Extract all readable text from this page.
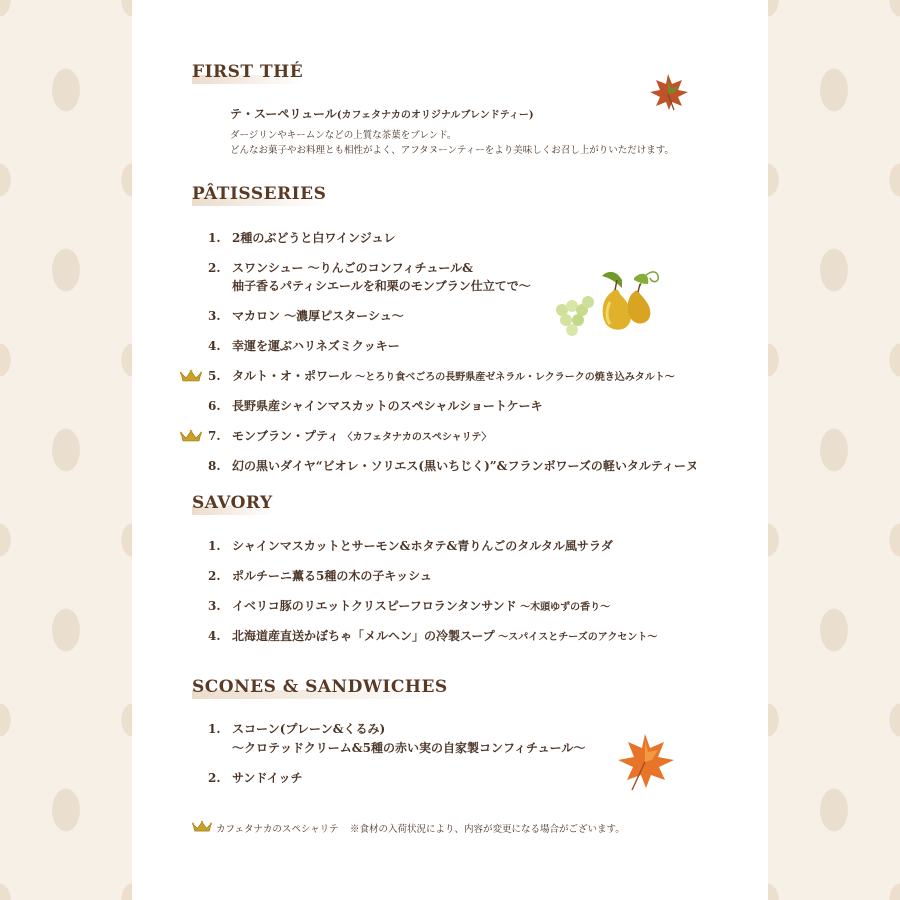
FIRST THÉ
テ・スーペリュール(カフェタナカのオリジナルブレンドティー)
ダージリンやキームンなどの上質な茶葉をブレンド。
どんなお菓子やお料理とも相性がよく、アフタヌーンティーをより美味しくお召し上がりいただけます。
PÂTISSERIES
1. 2種のぶどうと白ワインジュレ
2. スワンシュー ～りんごのコンフィチュール&
柚子香るパティシエールを和栗のモンブラン仕立てで～
3. マカロン ～濃厚ピスターシュ～
4. 幸運を運ぶハリネズミクッキー
5. タルト・オ・ポワール ～とろり食べごろの長野県産ゼネラル・レクラークの焼き込みタルト～
6. 長野県産シャインマスカットのスペシャルショートケーキ
7. モンブラン・プティ 〈カフェタナカのスペシャリテ〉
8. 幻の黒いダイヤ“ビオレ・ソリエス(黒いちじく)”&フランボワーズの軽いタルティーヌ
SAVORY
1. シャインマスカットとサーモン&ホタテ&青りんごのタルタル風サラダ
2. ポルチーニ薫る5種の木の子キッシュ
3. イベリコ豚のリエットクリスピーフロランタンサンド ～木頭ゆずの香り～
4. 北海道産直送かぼちゃ「メルヘン」の冷製スープ ～スパイスとチーズのアクセント～
SCONES & SANDWICHES
1. スコーン(プレーン&くるみ)
～クロテッドクリーム&5種の赤い実の自家製コンフィチュール～
2. サンドイッチ
カフェタナカのスペシャリテ ※食材の入荷状況により、内容が変更になる場合がございます。
